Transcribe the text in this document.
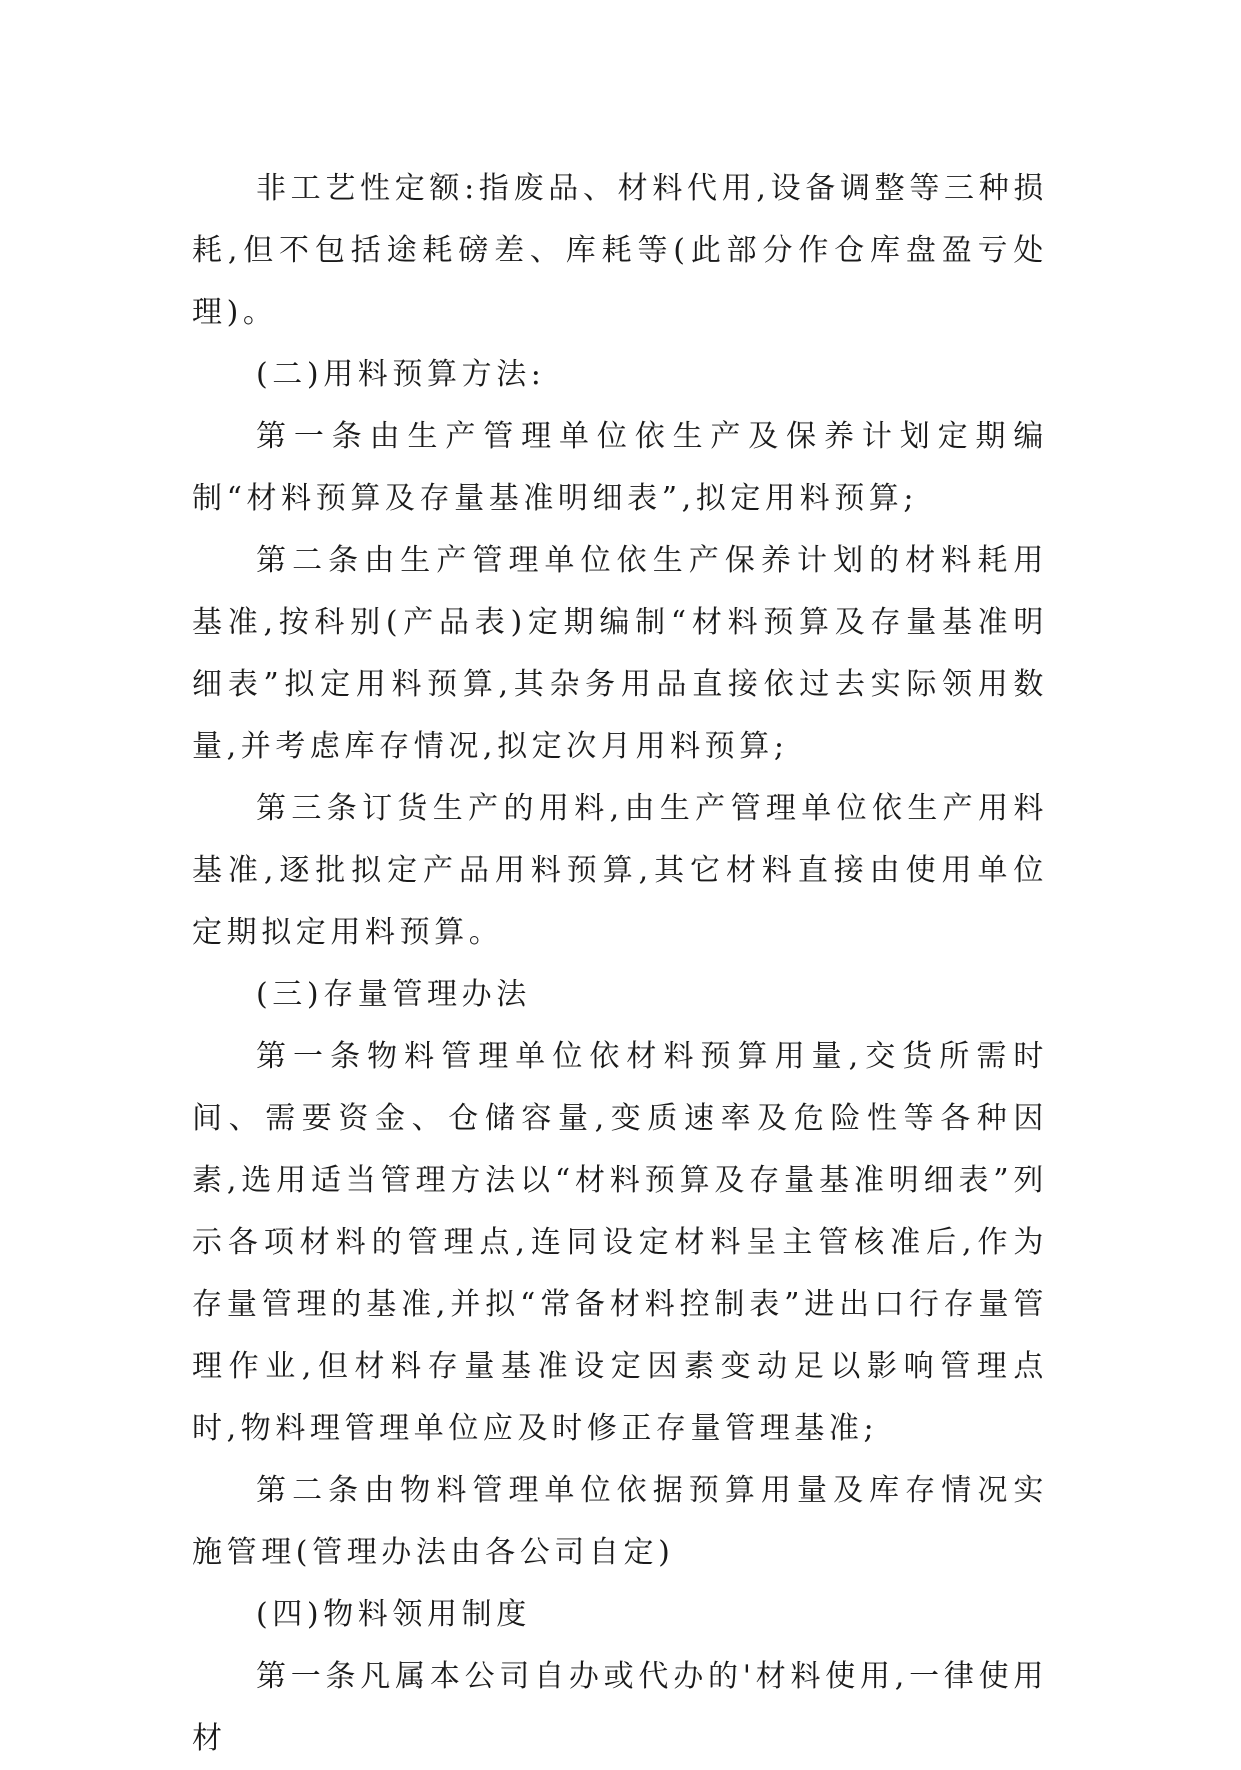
非工艺性定额:指废品、材料代用,设备调整等三种损耗,但不包括途耗磅差、库耗等(此部分作仓库盘盈亏处理)。

(二)用料预算方法:

第一条由生产管理单位依生产及保养计划定期编制“材料预算及存量基准明细表”,拟定用料预算;

第二条由生产管理单位依生产保养计划的材料耗用基准,按科别(产品表)定期编制“材料预算及存量基准明细表”拟定用料预算,其杂务用品直接依过去实际领用数量,并考虑库存情况,拟定次月用料预算;

第三条订货生产的用料,由生产管理单位依生产用料基准,逐批拟定产品用料预算,其它材料直接由使用单位定期拟定用料预算。

(三)存量管理办法

第一条物料管理单位依材料预算用量,交货所需时间、需要资金、仓储容量,变质速率及危险性等各种因素,选用适当管理方法以“材料预算及存量基准明细表”列示各项材料的管理点,连同设定材料呈主管核准后,作为存量管理的基准,并拟“常备材料控制表”进出口行存量管理作业,但材料存量基准设定因素变动足以影响管理点时,物料理管理单位应及时修正存量管理基准;

第二条由物料管理单位依据预算用量及库存情况实施管理(管理办法由各公司自定)

(四)物料领用制度

第一条凡属本公司自办或代办的'材料使用,一律使用材
